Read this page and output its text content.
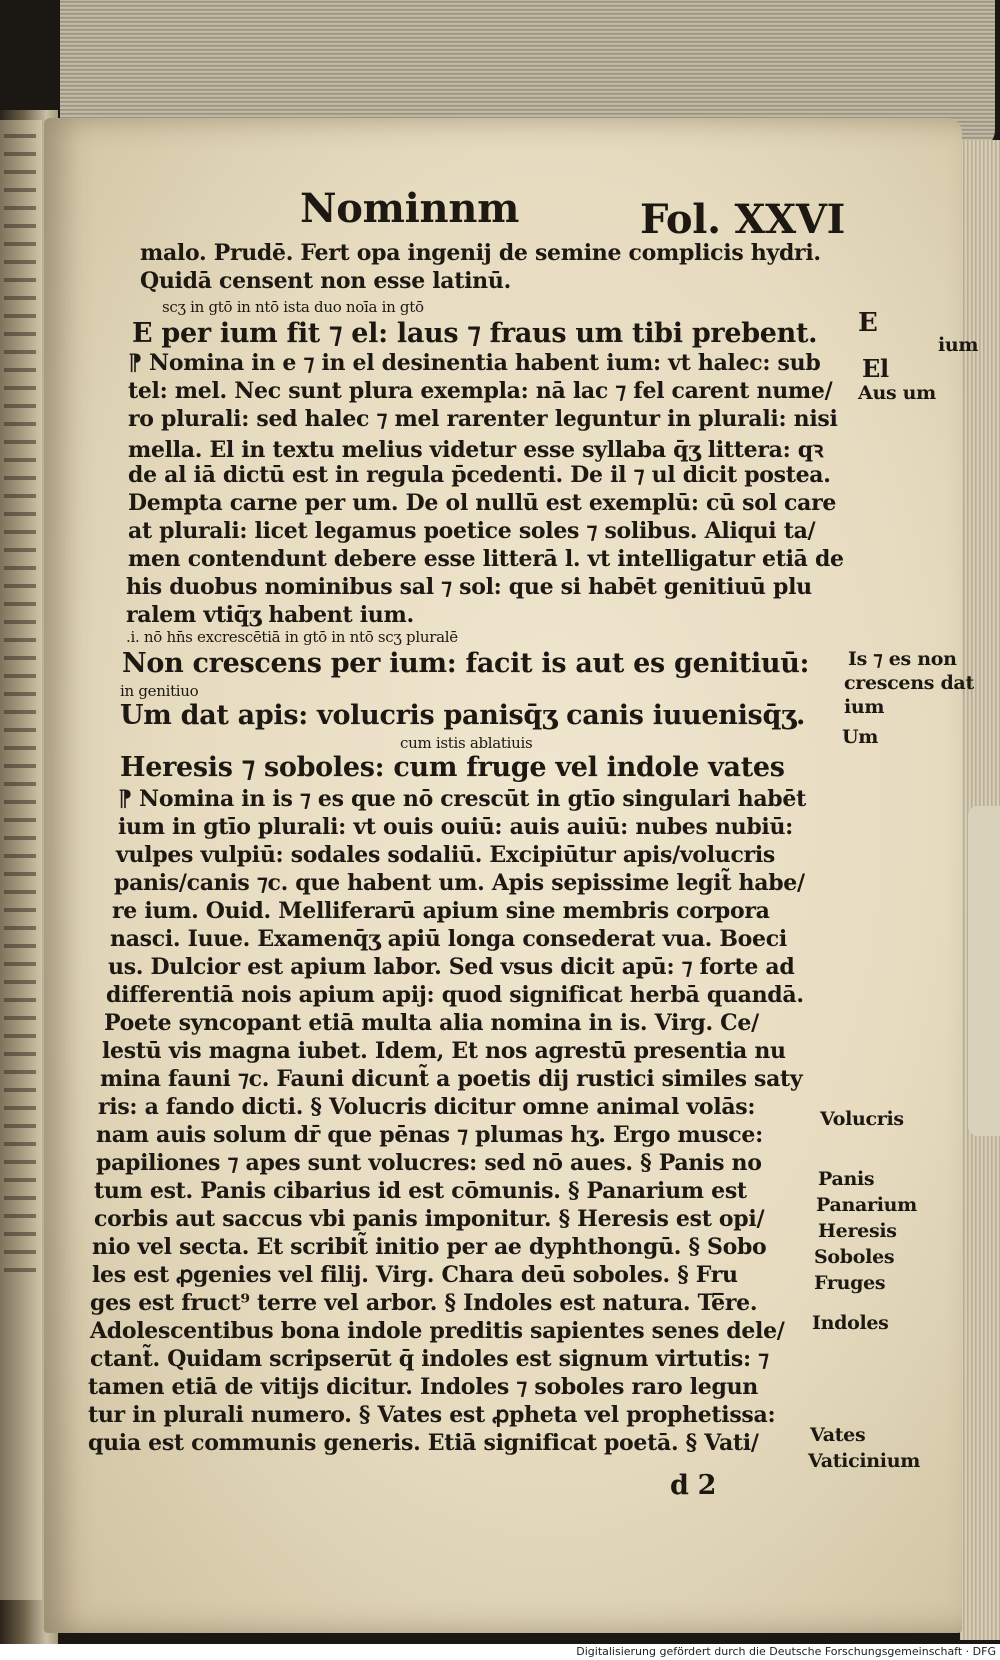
Nominnm	Fol. XXVI
malo. Prudē. Fert opa ingenij de semine complicis hydri.
Quidā censent non esse latinū.
scʒ in gtō in ntō ista duo noīa in gtō
E per ium fit ⁊ el: laus ⁊ fraus um tibi prebent.
⁋ Nomina in e ⁊ in el desinentia habent ium: vt halec: sub
tel: mel. Nec sunt plura exempla: nā lac ⁊ fel carent nume/
ro plurali: sed halec ⁊ mel rarenter leguntur in plurali: nisi
mella. El in textu melius videtur esse syllaba q̄ʒ littera: qꝛ
de al iā dictū est in regula p̄cedenti. De il ⁊ ul dicit postea.
Dempta carne per um. De ol nullū est exemplū: cū sol care
at plurali: licet legamus poetice soles ⁊ solibus. Aliqui ta/
men contendunt debere esse litterā l. vt intelligatur etiā de
his duobus nominibus sal ⁊ sol: que si habēt genitiuū plu
ralem vtiq̄ʒ habent ium.
.i. nō hn̄s excrescētiā in gtō in ntō scʒ pluralē
Non crescens per ium: facit is aut es genitiuū:
in genitiuo
Um dat apis: volucris panisq̄ʒ canis iuuenisq̄ʒ.
cum istis ablatiuis
Heresis ⁊ soboles: cum fruge vel indole vates
⁋ Nomina in is ⁊ es que nō crescūt in gtīo singulari habēt
ium in gtīo plurali: vt ouis ouiū: auis auiū: nubes nubiū:
vulpes vulpiū: sodales sodaliū. Excipiūtur apis/volucris
panis/canis ⁊c. que habent um. Apis sepissime legit̃ habe/
re ium. Ouid. Melliferarū apium sine membris corpora
nasci. Iuue. Examenq̄ʒ apiū longa consederat vua. Boeci
us. Dulcior est apium labor. Sed vsus dicit apū: ⁊ forte ad
differentiā nois apium apij: quod significat herbā quandā.
Poete syncopant etiā multa alia nomina in is. Virg. Ce/
lestū vis magna iubet. Idem, Et nos agrestū presentia nu
mina fauni ⁊c. Fauni dicunt̃ a poetis dij rustici similes saty
ris: a fando dicti. § Volucris dicitur omne animal volās:
nam auis solum dr̄ que pēnas ⁊ plumas hʒ. Ergo musce:
papiliones ⁊ apes sunt volucres: sed nō aues. § Panis no
tum est. Panis cibarius id est cōmunis. § Panarium est
corbis aut saccus vbi panis imponitur. § Heresis est opi/
nio vel secta. Et scribit̃ initio per ae dyphthongū. § Sobo
les est ꝓgenies vel filij. Virg. Chara deū soboles. § Fru
ges est fruct⁹ terre vel arbor. § Indoles est natura. Te̅re.
Adolescentibus bona indole preditis sapientes senes dele/
ctant̃. Quidam scripserūt q̄ indoles est signum virtutis: ⁊
tamen etiā de vitijs dicitur. Indoles ⁊ soboles raro legun
tur in plurali numero. § Vates est ꝓpheta vel prophetissa:
quia est communis generis. Etiā significat poetā. § Vati/
d 2
E
ium
El
Aus um
Is ⁊ es non
crescens dat
ium
Um
Volucris
Panis
Panarium
Heresis
Soboles
Fruges
Indoles
Vates
Vaticinium
Digitalisierung gefördert durch die Deutsche Forschungsgemeinschaft · DFG
